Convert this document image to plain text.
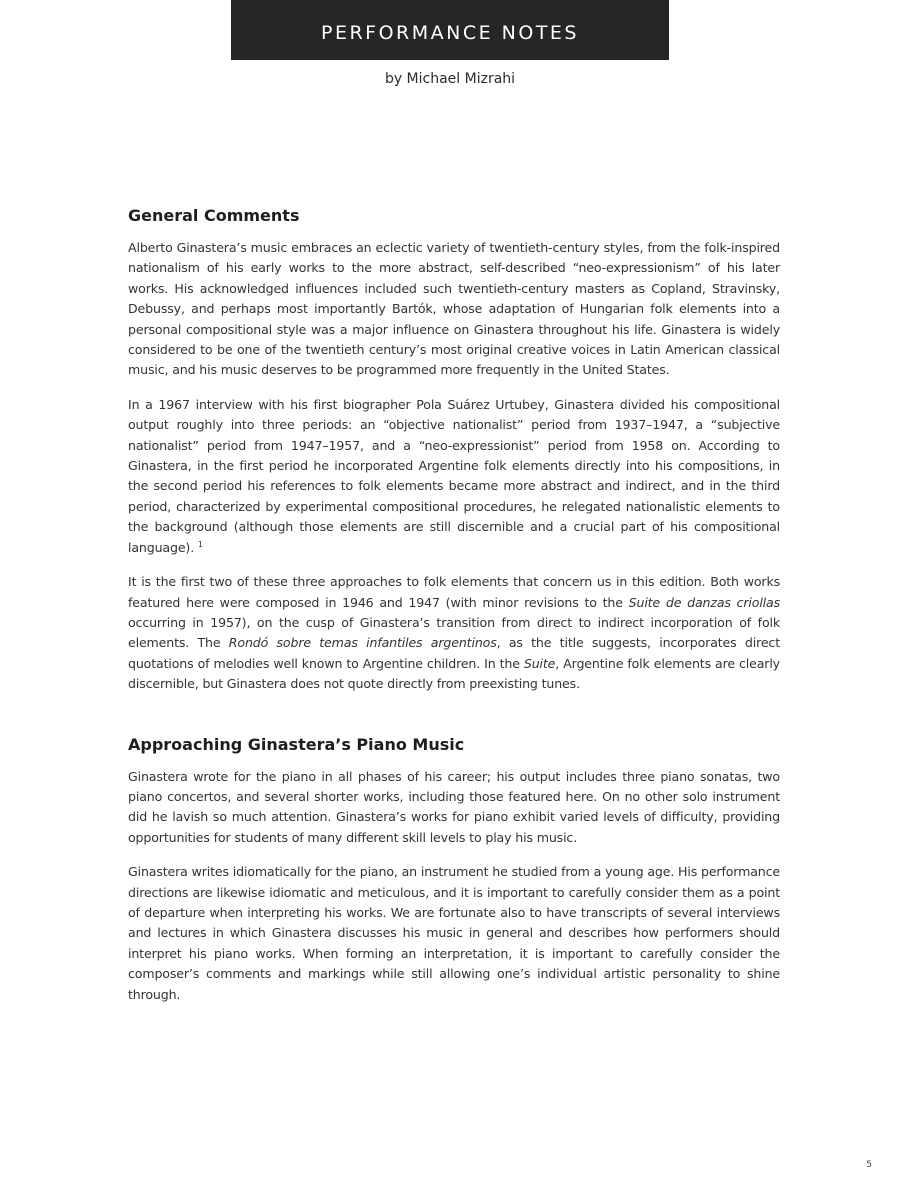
PERFORMANCE NOTES
by Michael Mizrahi
General Comments

Alberto Ginastera’s music embraces an eclectic variety of twentieth-century styles, from the folk-inspired nationalism of his early works to the more abstract, self-described “neo-expressionism” of his later works. His acknowledged influences included such twentieth-century masters as Copland, Stravinsky, Debussy, and perhaps most importantly Bartók, whose adaptation of Hungarian folk elements into a personal compositional style was a major influence on Ginastera throughout his life. Ginastera is widely considered to be one of the twentieth century’s most original creative voices in Latin American classical music, and his music deserves to be programmed more frequently in the United States.

In a 1967 interview with his first biographer Pola Suárez Urtubey, Ginastera divided his compositional output roughly into three periods: an “objective nationalist” period from 1937–1947, a “subjective nationalist” period from 1947–1957, and a “neo-expressionist” period from 1958 on. According to Ginastera, in the first period he incorporated Argentine folk elements directly into his compositions, in the second period his references to folk elements became more abstract and indirect, and in the third period, characterized by experimental compositional procedures, he relegated nationalistic elements to the background (although those elements are still discernible and a crucial part of his compositional language). $^1$

It is the first two of these three approaches to folk elements that concern us in this edition. Both works featured here were composed in 1946 and 1947 (with minor revisions to the Suite de danzas criollas occurring in 1957), on the cusp of Ginastera’s transition from direct to indirect incorporation of folk elements. The Rondó sobre temas infantiles argentinos, as the title suggests, incorporates direct quotations of melodies well known to Argentine children. In the Suite, Argentine folk elements are clearly discernible, but Ginastera does not quote directly from preexisting tunes.

Approaching Ginastera’s Piano Music

Ginastera wrote for the piano in all phases of his career; his output includes three piano sonatas, two piano concertos, and several shorter works, including those featured here. On no other solo instrument did he lavish so much attention. Ginastera’s works for piano exhibit varied levels of difficulty, providing opportunities for students of many different skill levels to play his music.

Ginastera writes idiomatically for the piano, an instrument he studied from a young age. His performance directions are likewise idiomatic and meticulous, and it is important to carefully consider them as a point of departure when interpreting his works. We are fortunate also to have transcripts of several interviews and lectures in which Ginastera discusses his music in general and describes how performers should interpret his piano works. When forming an interpretation, it is important to carefully consider the composer’s comments and markings while still allowing one’s individual artistic personality to shine through.

5
